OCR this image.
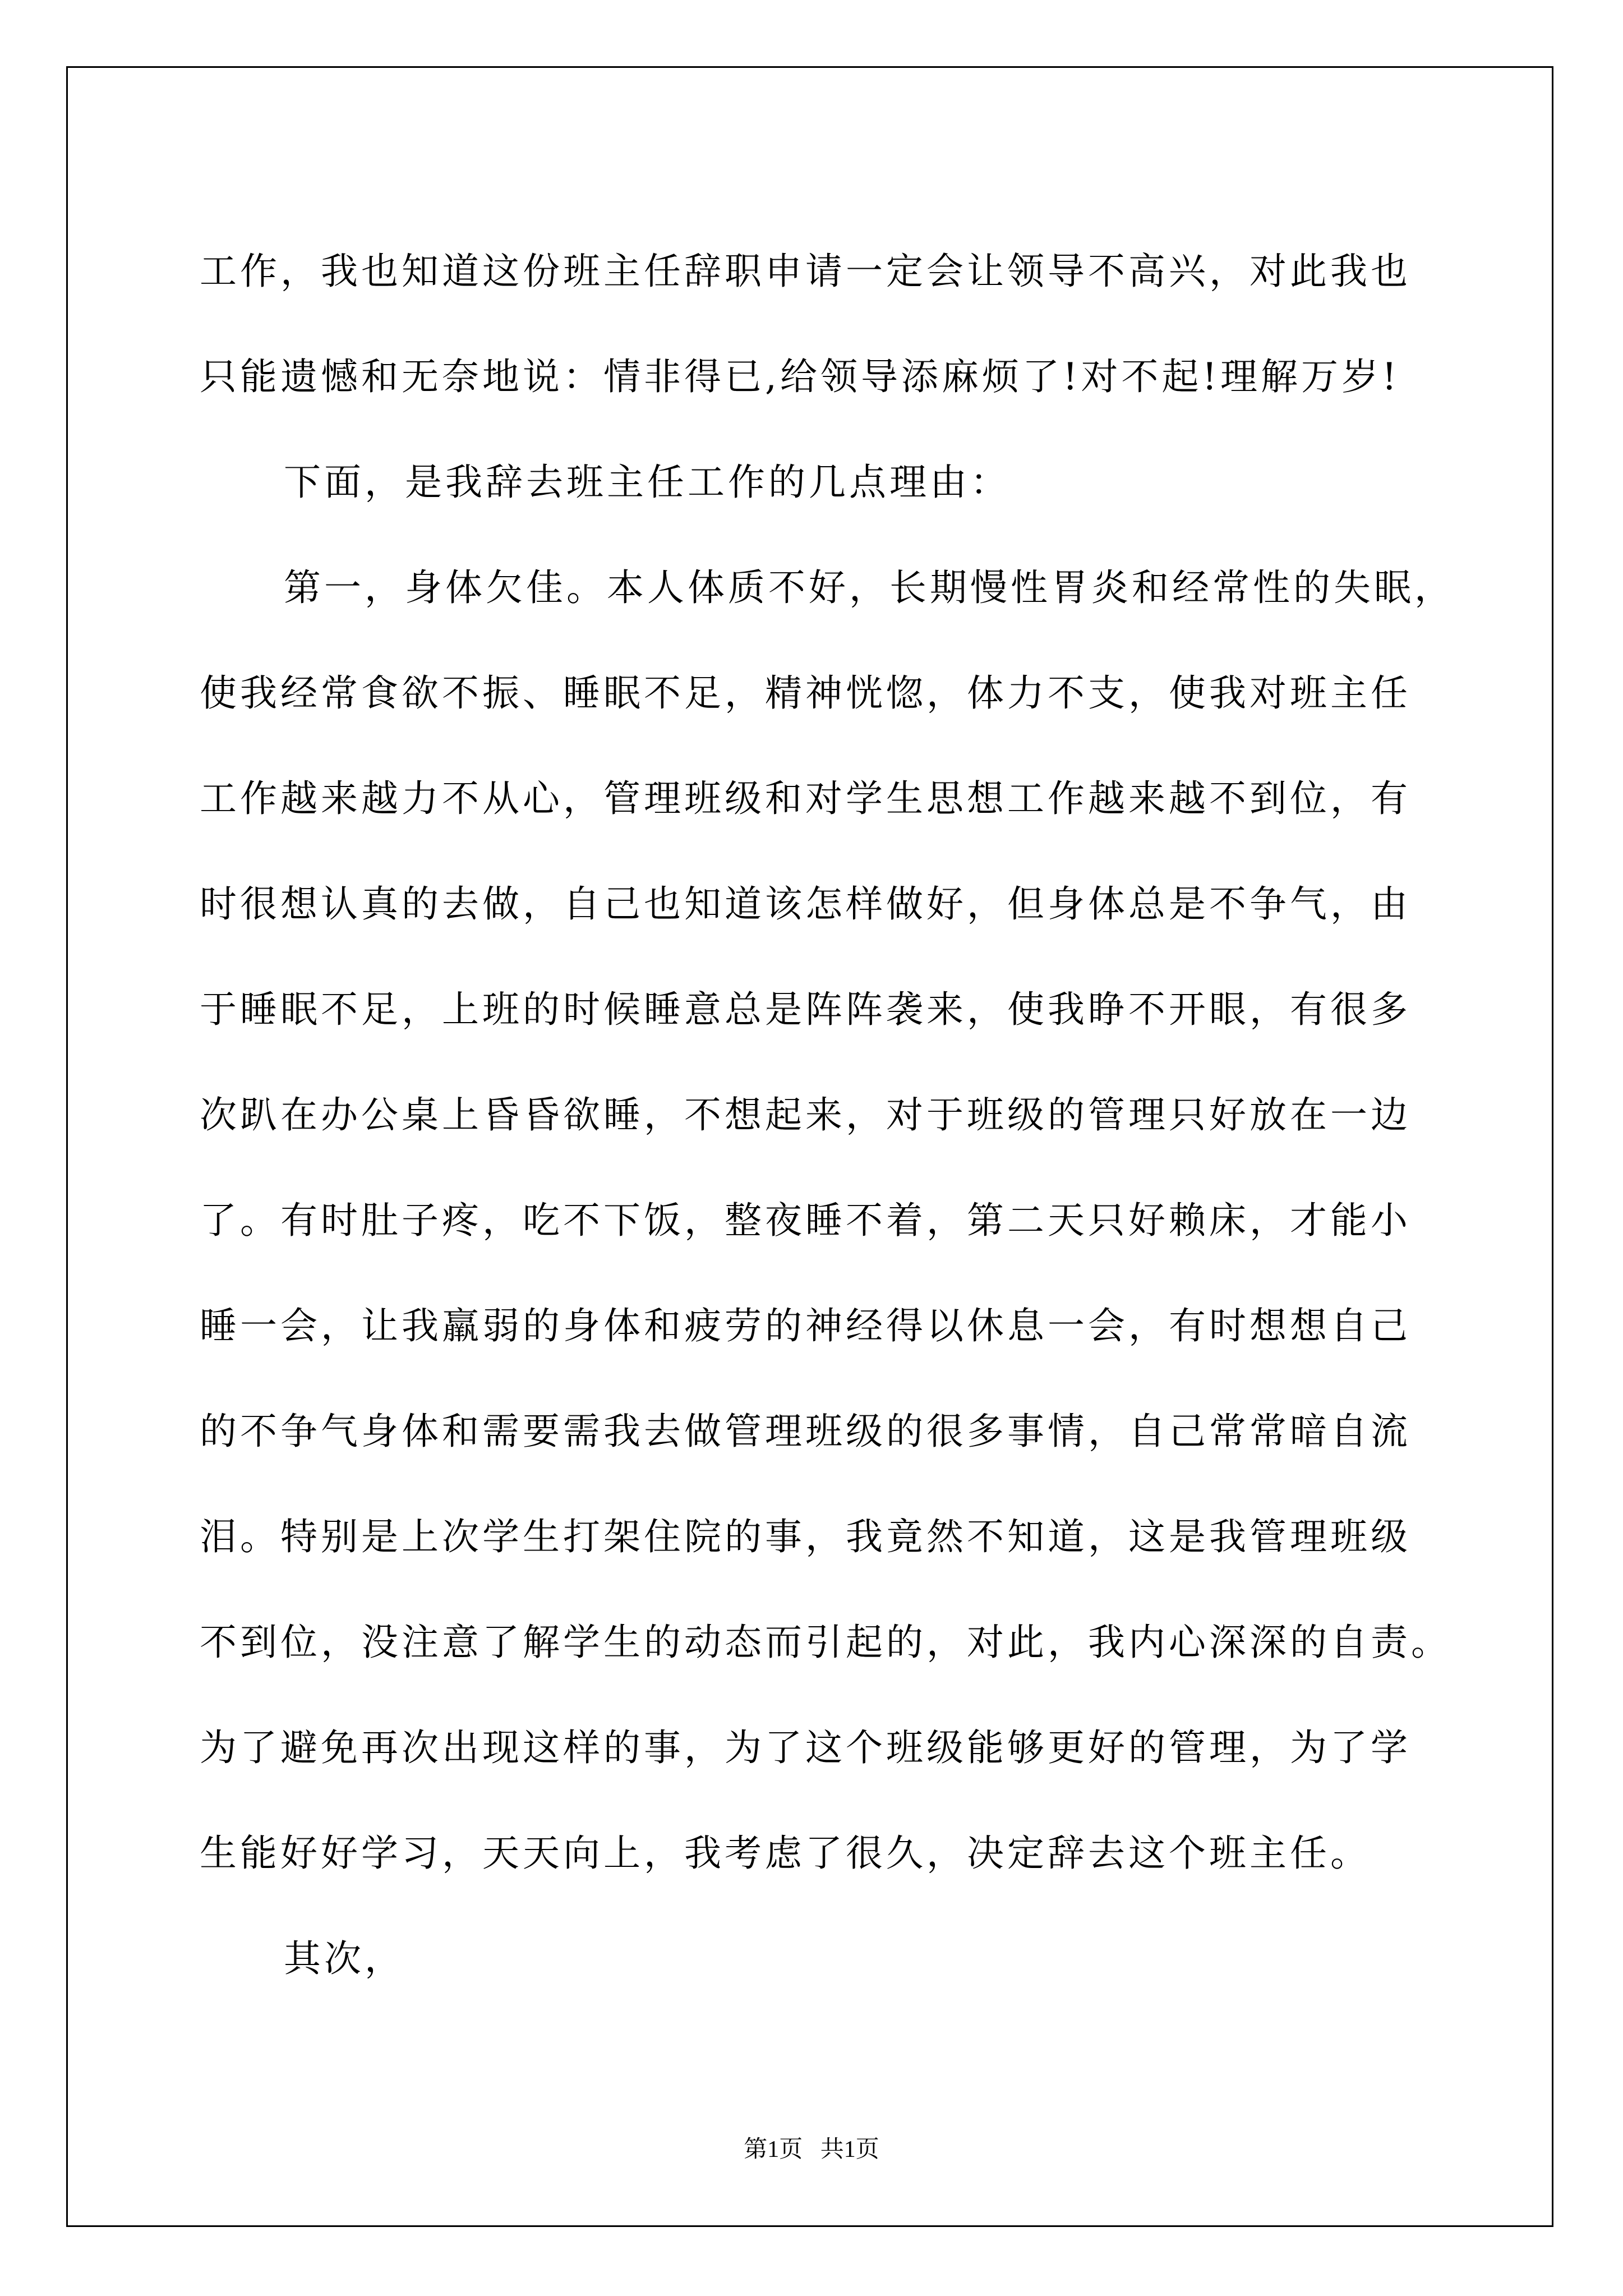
工作，我也知道这份班主任辞职申请一定会让领导不高兴，对此我也
只能遗憾和无奈地说：情非得已,给领导添麻烦了!对不起!理解万岁!
下面，是我辞去班主任工作的几点理由：
第一，身体欠佳。本人体质不好，长期慢性胃炎和经常性的失眠，
使我经常食欲不振、睡眠不足，精神恍惚，体力不支，使我对班主任
工作越来越力不从心，管理班级和对学生思想工作越来越不到位，有
时很想认真的去做，自己也知道该怎样做好，但身体总是不争气，由
于睡眠不足，上班的时候睡意总是阵阵袭来，使我睁不开眼，有很多
次趴在办公桌上昏昏欲睡，不想起来，对于班级的管理只好放在一边
了。有时肚子疼，吃不下饭，整夜睡不着，第二天只好赖床，才能小
睡一会，让我羸弱的身体和疲劳的神经得以休息一会，有时想想自己
的不争气身体和需要需我去做管理班级的很多事情，自己常常暗自流
泪。特别是上次学生打架住院的事，我竟然不知道，这是我管理班级
不到位，没注意了解学生的动态而引起的，对此，我内心深深的自责。
为了避免再次出现这样的事，为了这个班级能够更好的管理，为了学
生能好好学习，天天向上，我考虑了很久，决定辞去这个班主任。
其次，
第1页   共1页
